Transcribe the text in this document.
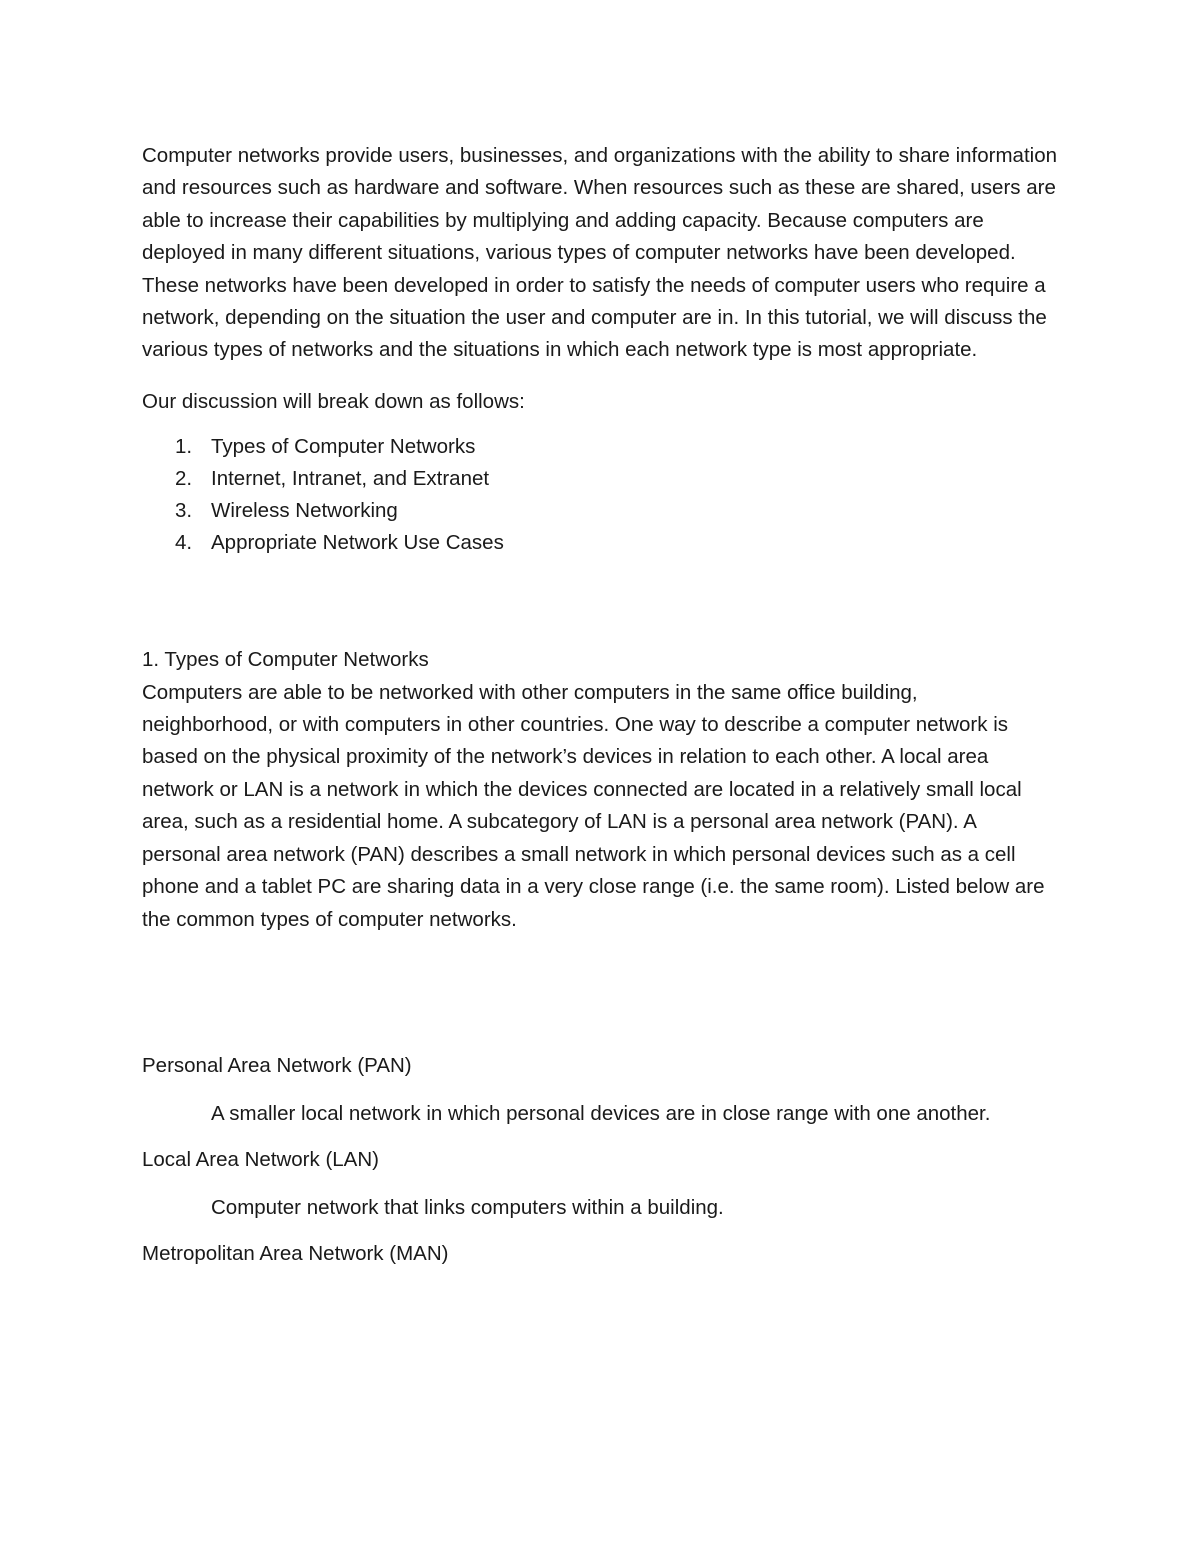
Computer networks provide users, businesses, and organizations with the ability to share information and resources such as hardware and software. When resources such as these are shared, users are able to increase their capabilities by multiplying and adding capacity. Because computers are deployed in many different situations, various types of computer networks have been developed. These networks have been developed in order to satisfy the needs of computer users who require a network, depending on the situation the user and computer are in. In this tutorial, we will discuss the various types of networks and the situations in which each network type is most appropriate.

Our discussion will break down as follows:

1. Types of Computer Networks
2. Internet, Intranet, and Extranet
3. Wireless Networking
4. Appropriate Network Use Cases

1. Types of Computer Networks

Computers are able to be networked with other computers in the same office building, neighborhood, or with computers in other countries. One way to describe a computer network is based on the physical proximity of the network’s devices in relation to each other. A local area network or LAN is a network in which the devices connected are located in a relatively small local area, such as a residential home. A subcategory of LAN is a personal area network (PAN). A personal area network (PAN) describes a small network in which personal devices such as a cell phone and a tablet PC are sharing data in a very close range (i.e. the same room). Listed below are the common types of computer networks.

Personal Area Network (PAN)

A smaller local network in which personal devices are in close range with one another.

Local Area Network (LAN)

Computer network that links computers within a building.

Metropolitan Area Network (MAN)
